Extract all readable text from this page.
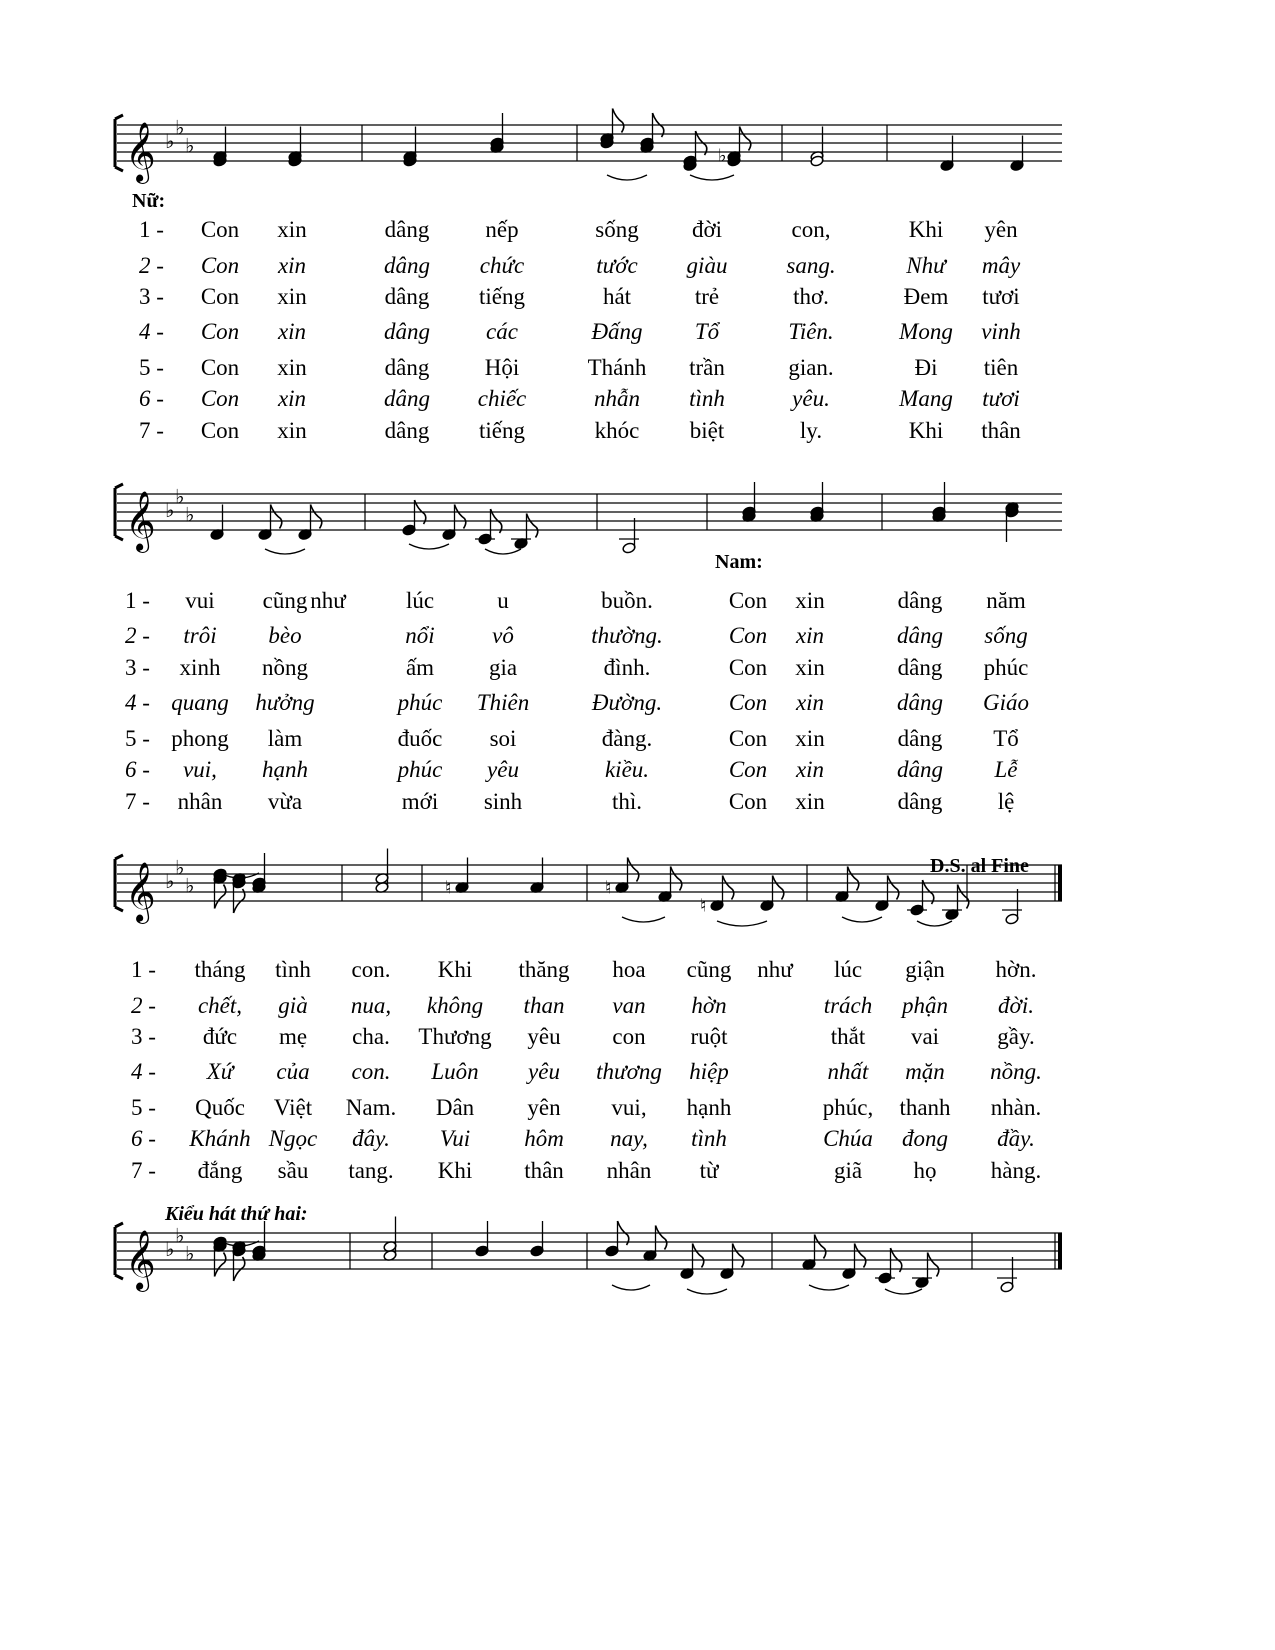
𝄞 ♭
♭
♭	♭
Nữ:
1 - Con xin	dâng nếp	sống đời	con,	Khi yên
2 - Con xin	dâng chức	tước giàu	sang.	Như mây
3 - Con xin	dâng tiếng	hát	trẻ	thơ.	Đem tươi
4 - Con xin	dâng các	Đấng Tổ	Tiên.	Mong vinh
5 - Con xin	dâng Hội	Thánh trần	gian.	Đi tiên
6 - Con xin	dâng chiếc	nhẫn tình	yêu.	Mang tươi
7 - Con xin	dâng tiếng	khóc biệt	ly.	Khi thân
𝄞 ♭
♭
♭
Nam:
1 - vui cũng như	lúc	u	buồn.	Con xin	dâng năm
2 - trôi bèo	nổi vô	thường.	Con xin	dâng sống
3 - xinh nồng	ấm gia	đình.	Con xin	dâng phúc
4 - quang hưởng	phúc Thiên	Đường.	Con xin	dâng Giáo
5 - phong làm	đuốc soi	đàng.	Con xin	dâng Tổ
6 - vui, hạnh	phúc yêu	kiều.	Con xin	dâng Lễ
7 - nhân vừa	mới sinh	thì.	Con xin	dâng lệ
D.S. al Fine
𝄞 ♭
♭
♭	♮	♮
♮
1 - tháng tình con. Khi thăng hoa cũng như lúc giận hờn.
2 - chết, già nua, không than van hờn	trách phận đời.
3 - đức mẹ cha. Thương yêu con ruột	thắt vai	gầy.
4 - Xứ của con. Luôn yêu thương hiệp	nhất mặn nồng.
5 - Quốc Việt Nam. Dân yên vui, hạnh	phúc, thanh nhàn.
6 - Khánh Ngọc đây. Vui hôm nay, tình	Chúa đong đầy.
7 - đắng sầu tang. Khi thân nhân từ	giã họ hàng.
Kiểu hát thứ hai:
𝄞 ♭
♭
♭
